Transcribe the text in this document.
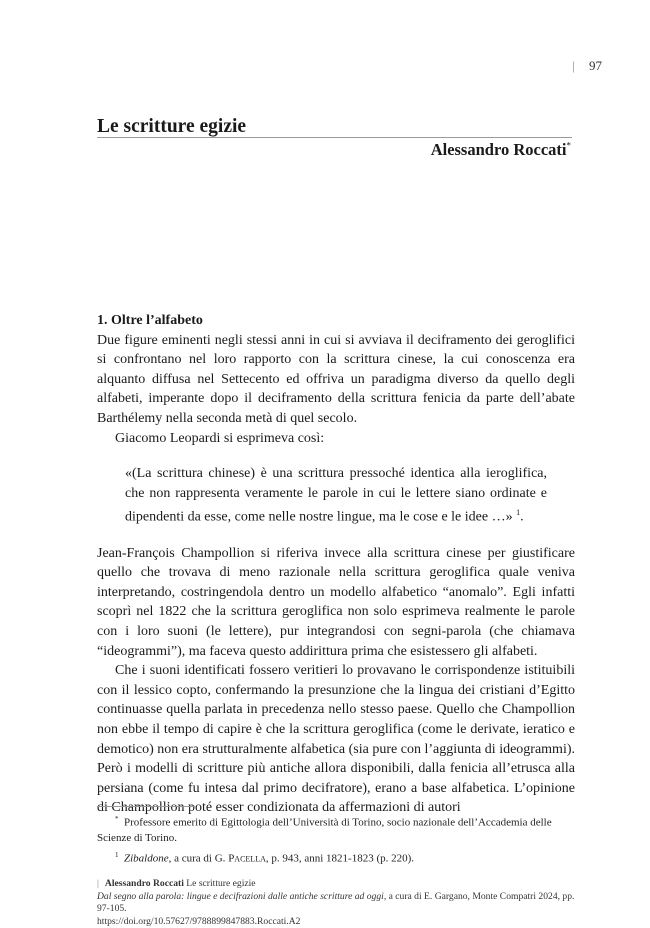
| 97
Le scritture egizie
Alessandro Roccati*
1. Oltre l’alfabeto

Due figure eminenti negli stessi anni in cui si avviava il deciframento dei geroglifici si confrontano nel loro rapporto con la scrittura cinese, la cui conoscenza era alquanto diffusa nel Settecento ed offriva un paradigma diverso da quello degli alfabeti, imperante dopo il deciframento della scrittura fenicia da parte dell’abate Barthélemy nella seconda metà di quel secolo.

Giacomo Leopardi si esprimeva così:

«(La scrittura chinese) è una scrittura pressoché identica alla ieroglifica, che non rappresenta veramente le parole in cui le lettere siano ordinate e dipendenti da esse, come nelle nostre lingue, ma le cose e le idee …» $^1$.

Jean-François Champollion si riferiva invece alla scrittura cinese per giustificare quello che trovava di meno razionale nella scrittura geroglifica quale veniva interpretando, costringendola dentro un modello alfabetico “anomalo”. Egli infatti scoprì nel 1822 che la scrittura geroglifica non solo esprimeva realmente le parole con i loro suoni (le lettere), pur integrandosi con segni-parola (che chiamava “ideogrammi”), ma faceva questo addirittura prima che esistessero gli alfabeti.

Che i suoni identificati fossero veritieri lo provavano le corrispondenze istituibili con il lessico copto, confermando la presunzione che la lingua dei cristiani d’Egitto continuasse quella parlata in precedenza nello stesso paese. Quello che Champollion non ebbe il tempo di capire è che la scrittura geroglifica (come le derivate, ieratico e demotico) non era strutturalmente alfabetica (sia pure con l’aggiunta di ideogrammi). Però i modelli di scritture più antiche allora disponibili, dalla fenicia all’etrusca alla persiana (come fu intesa dal primo decifratore), erano a base alfabetica. L’opinione di Champollion poté esser condizionata da affermazioni di autori

* Professore emerito di Egittologia dell’Università di Torino, socio nazionale dell’Accademia delle Scienze di Torino.

$^1$ Zibaldone, a cura di G. Pacella, p. 943, anni 1821-1823 (p. 220).

| Alessandro Roccati Le scritture egizie
Dal segno alla parola: lingue e decifrazioni dalle antiche scritture ad oggi, a cura di E. Gargano, Monte Compatri 2024, pp. 97-105.
https://doi.org/10.57627/9788899847883.Roccati.A2
